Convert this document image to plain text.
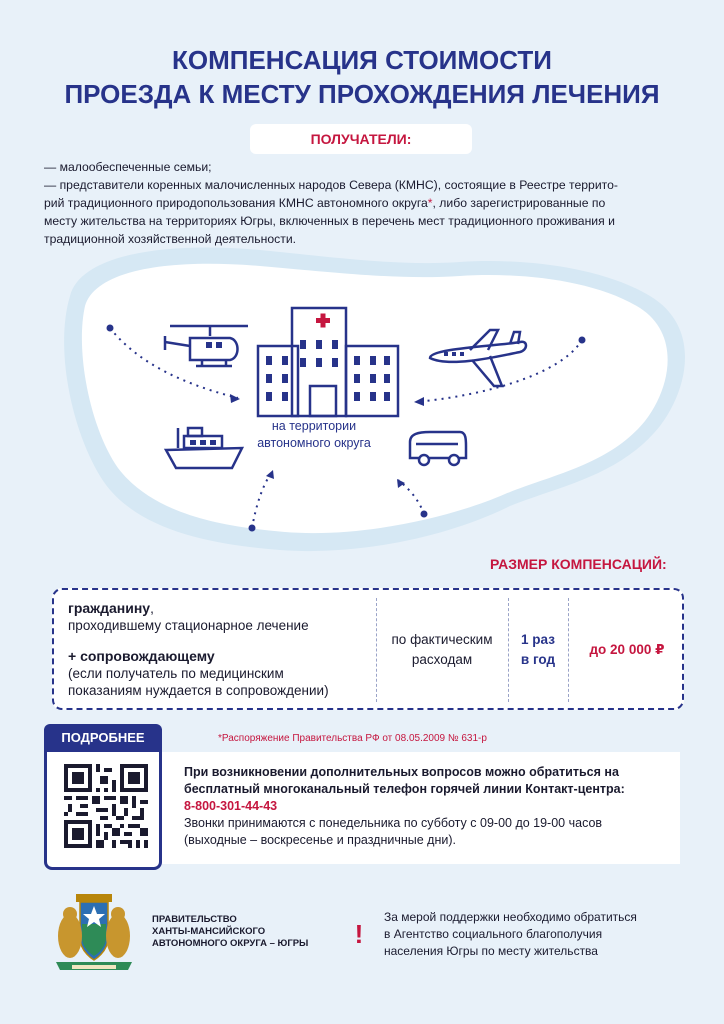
КОМПЕНСАЦИЯ СТОИМОСТИ
ПРОЕЗДА К МЕСТУ ПРОХОЖДЕНИЯ ЛЕЧЕНИЯ
ПОЛУЧАТЕЛИ:
— малообеспеченные семьи;
— представители коренных малочисленных народов Севера (КМНС), состоящие в Реестре террито-
рий традиционного природопользования КМНС автономного округа*, либо зарегистрированные по
месту жительства на территориях Югры, включенных в перечень мест традиционного проживания и
традиционной хозяйственной деятельности.
на территории
автономного округа
РАЗМЕР КОМПЕНСАЦИЙ:
гражданину,
проходившему стационарное лечение
+ сопровождающему
(если получатель по медицинским
показаниям нуждается в сопровождении)
по фактическим
расходам
1 раз
в год
до 20 000 ₽
ПОДРОБНЕЕ	*Распоряжение Правительства РФ от 08.05.2009 № 631-р
При возникновении дополнительных вопросов можно обратиться на
бесплатный многоканальный телефон горячей линии Контакт-центра:
8-800-301-44-43
Звонки принимаются с понедельника по субботу с 09-00 до 19-00 часов
(выходные – воскресенье и праздничные дни).
ПРАВИТЕЛЬСТВО
ХАНТЫ-МАНСИЙСКОГО
АВТОНОМНОГО ОКРУГА – ЮГРЫ	!
За мерой поддержки необходимо обратиться
в Агентство социального благополучия
населения Югры по месту жительства
